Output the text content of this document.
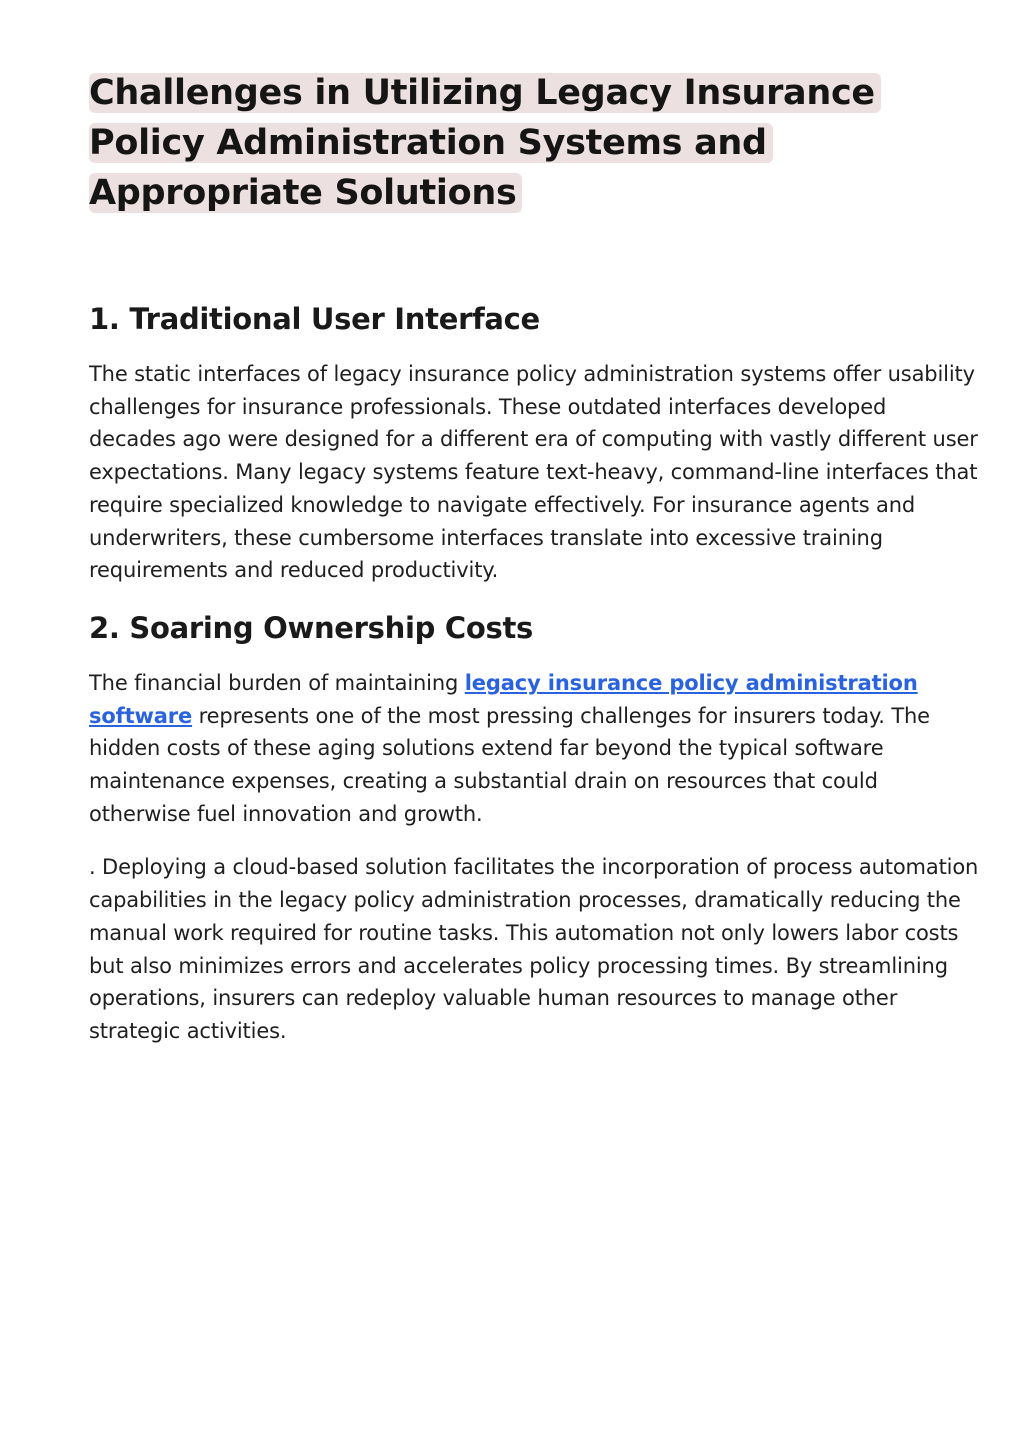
Challenges in Utilizing Legacy Insurance Policy Administration Systems and Appropriate Solutions
1. Traditional User Interface

The static interfaces of legacy insurance policy administration systems offer usability challenges for insurance professionals. These outdated interfaces developed decades ago were designed for a different era of computing with vastly different user expectations. Many legacy systems feature text-heavy, command-line interfaces that require specialized knowledge to navigate effectively. For insurance agents and underwriters, these cumbersome interfaces translate into excessive training requirements and reduced productivity.

2. Soaring Ownership Costs

The financial burden of maintaining legacy insurance policy administration software represents one of the most pressing challenges for insurers today. The hidden costs of these aging solutions extend far beyond the typical software maintenance expenses, creating a substantial drain on resources that could otherwise fuel innovation and growth.

. Deploying a cloud-based solution facilitates the incorporation of process automation capabilities in the legacy policy administration processes, dramatically reducing the manual work required for routine tasks. This automation not only lowers labor costs but also minimizes errors and accelerates policy processing times. By streamlining operations, insurers can redeploy valuable human resources to manage other strategic activities.
